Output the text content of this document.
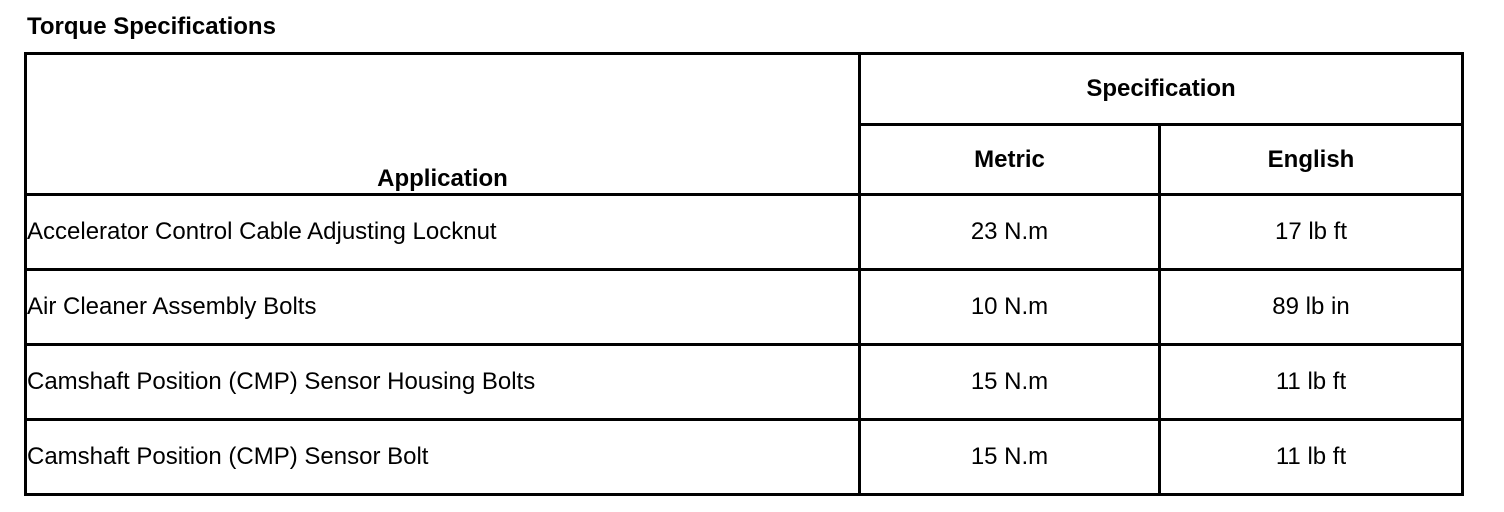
Torque Specifications
Application	Specification	
	Metric	English
Accelerator Control Cable Adjusting Locknut	23 N.m	17 lb ft
Air Cleaner Assembly Bolts	10 N.m	89 lb in
Camshaft Position (CMP) Sensor Housing Bolts	15 N.m	11 lb ft
Camshaft Position (CMP) Sensor Bolt	15 N.m	11 lb ft
